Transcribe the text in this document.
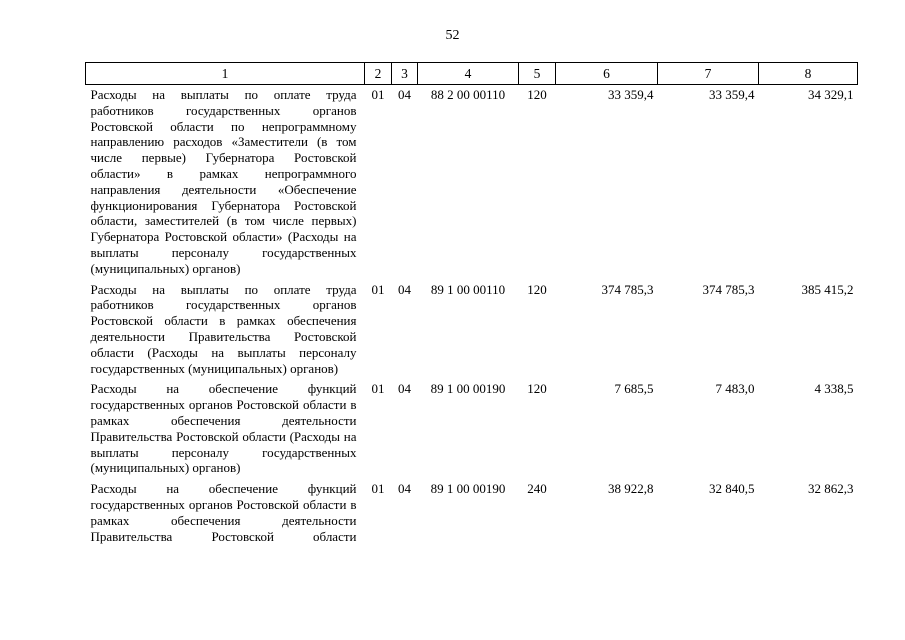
52
1	2	3	4	5	6	7	8
Расходы на выплаты по оплате труда работников государственных органов Ростовской области по непрограммному направлению расходов «Заместители (в том числе первые) Губернатора Ростовской области» в рамках непрограммного направления деятельности «Обеспечение функционирования Губернатора Ростовской области, заместителей (в том числе первых) Губернатора Ростовской области» (Расходы на выплаты персоналу государственных (муниципальных) органов)	01	04	88 2 00 00110	120	33 359,4	33 359,4	34 329,1
Расходы на выплаты по оплате труда работников государственных органов Ростовской области в рамках обеспечения деятельности Правительства Ростовской области (Расходы на выплаты персоналу государственных (муниципальных) органов)	01	04	89 1 00 00110	120	374 785,3	374 785,3	385 415,2
Расходы на обеспечение функций государственных органов Ростовской области в рамках обеспечения деятельности Правительства Ростовской области (Расходы на выплаты персоналу государственных (муниципальных) органов)	01	04	89 1 00 00190	120	7 685,5	7 483,0	4 338,5
Расходы на обеспечение функций государственных органов Ростовской области в рамках обеспечения деятельности Правительства Ростовской области	01	04	89 1 00 00190	240	38 922,8	32 840,5	32 862,3
